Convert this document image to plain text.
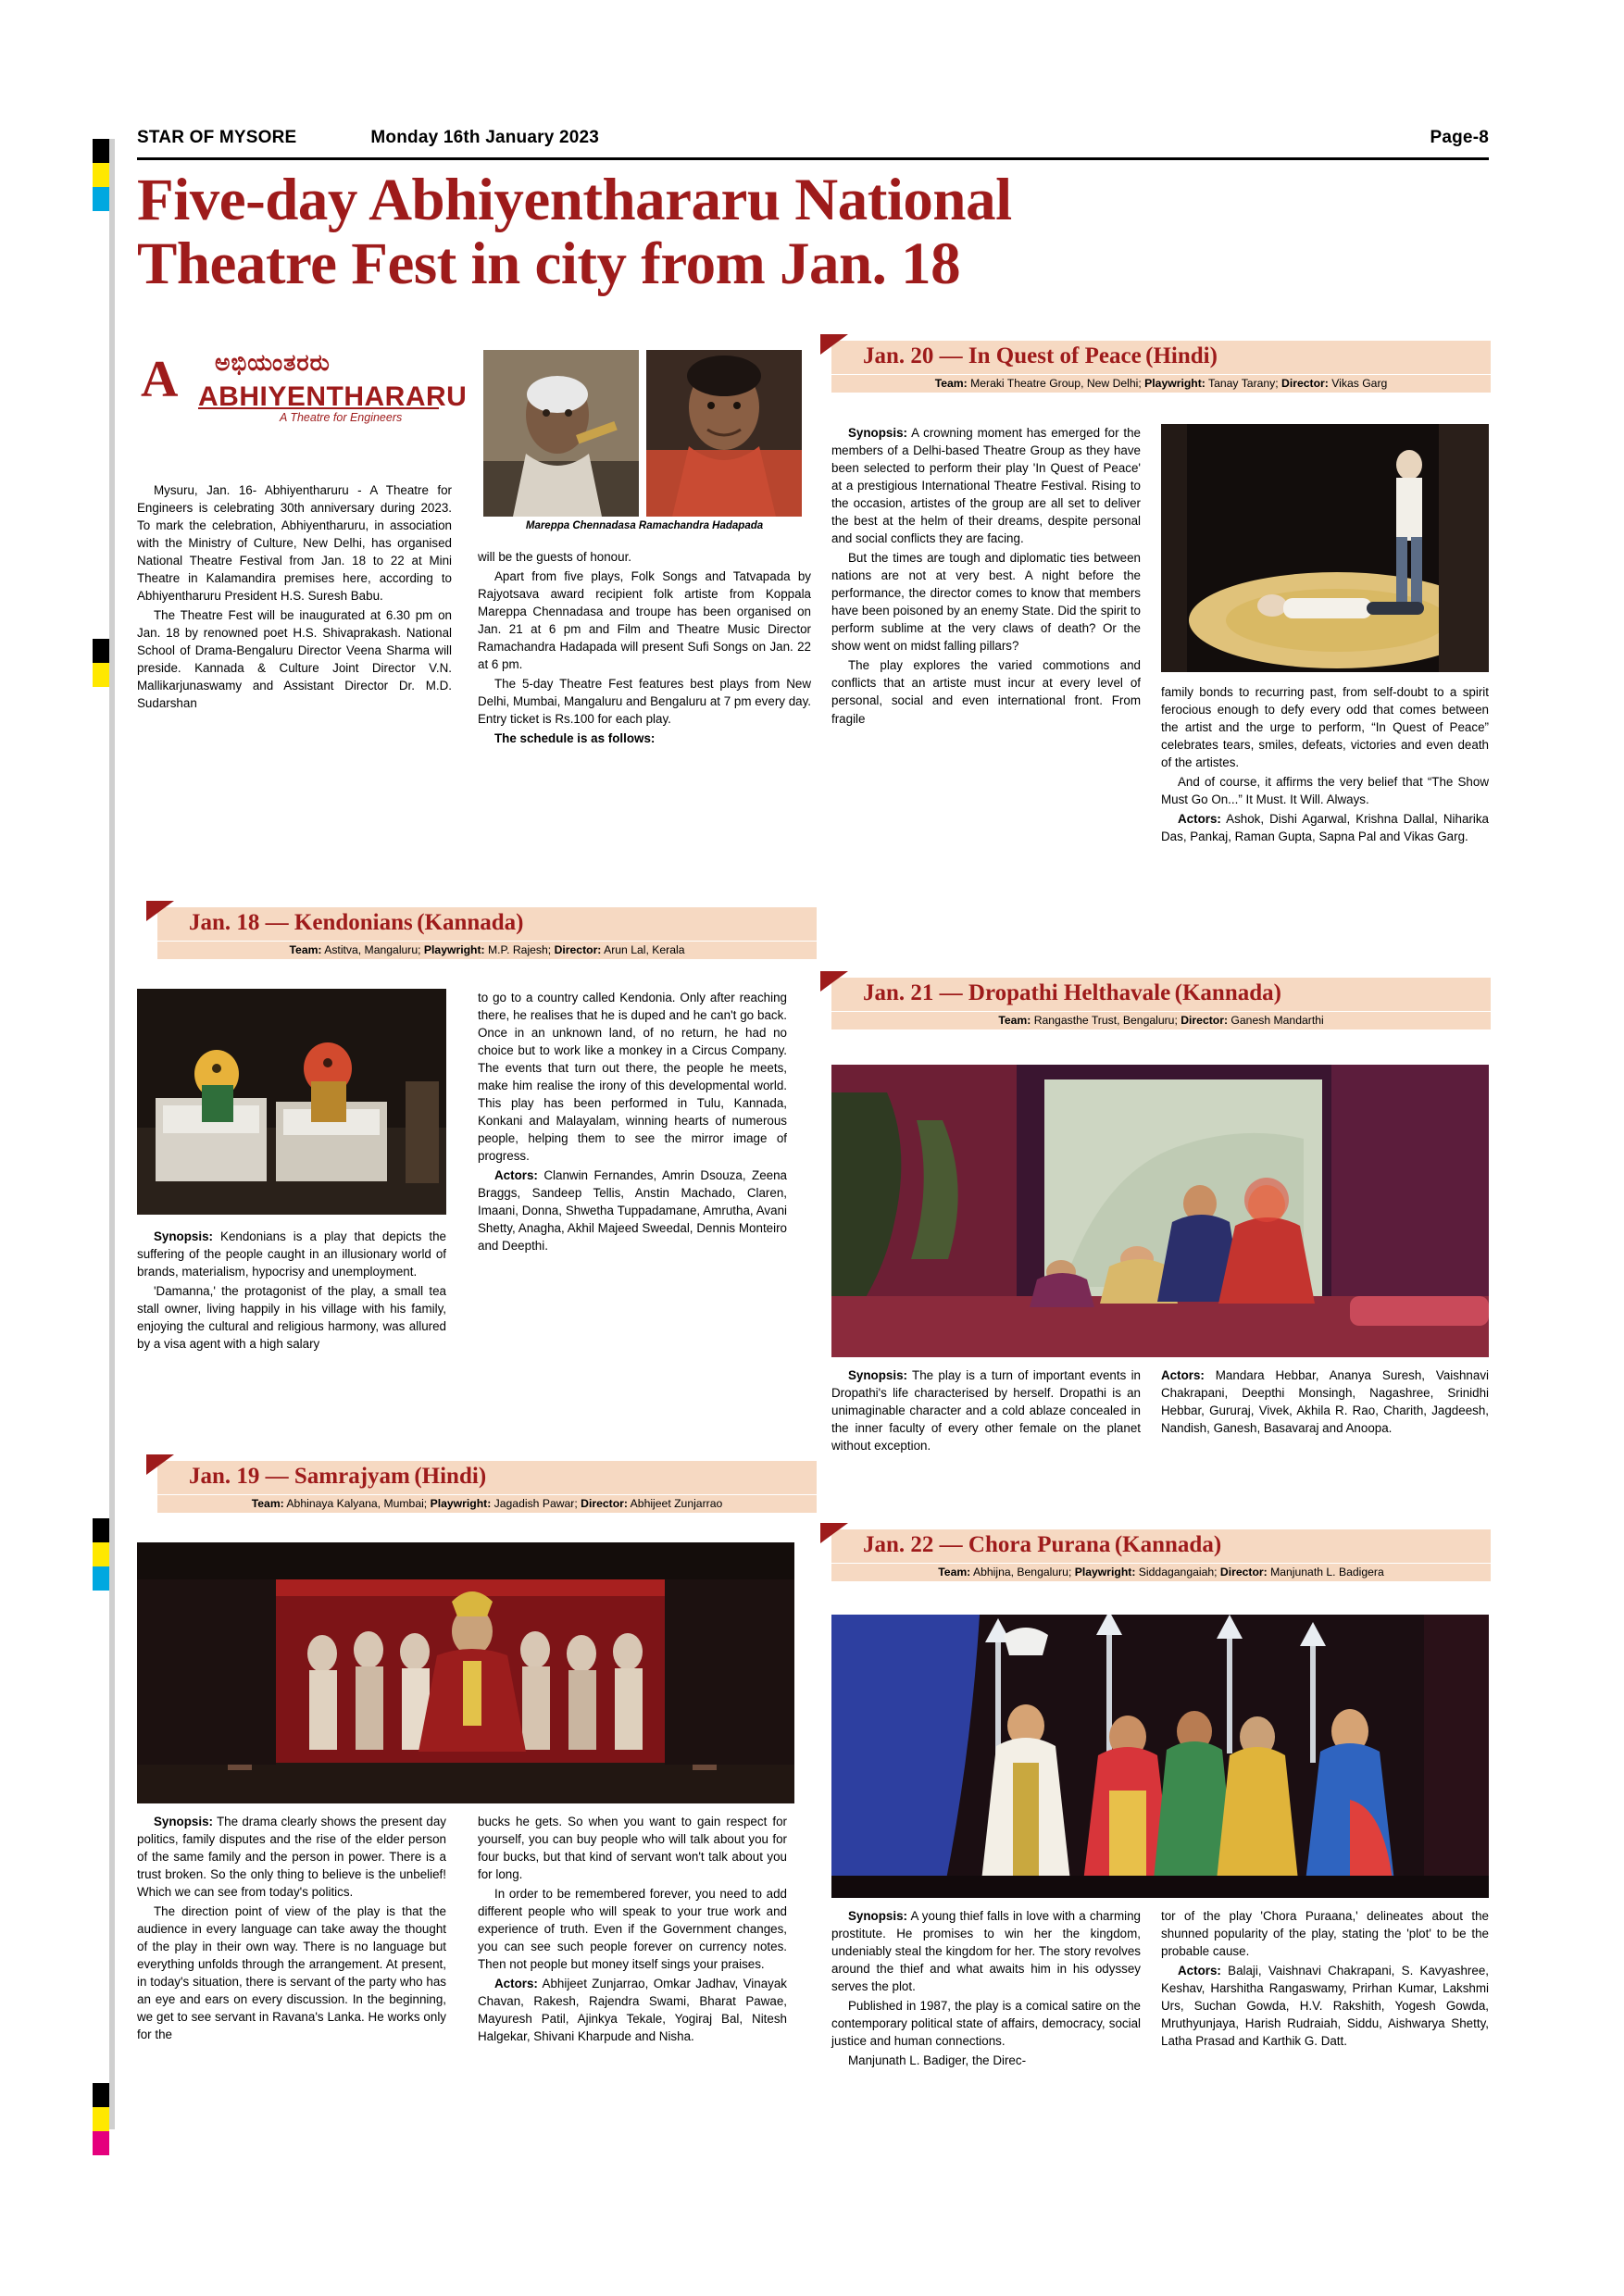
STAR OF MYSORE	Monday 16th January 2023	Page-8
Five-day Abhiyenthararu National
Theatre Fest in city from Jan. 18
A ಅಭಿಯಂತರರು
ABHIYENTHARARU
A Theatre for Engineers
Mareppa Chennadasa Ramachandra Hadapada

Mysuru, Jan. 16- Abhiyentharuru - A Theatre for Engineers is celebrating 30th anniversary during 2023. To mark the celebration, Abhiyentharuru, in association with the Ministry of Culture, New Delhi, has organised National Theatre Festival from Jan. 18 to 22 at Mini Theatre in Kalamandira premises here, according to Abhiyentharuru President H.S. Suresh Babu.

The Theatre Fest will be inaugurated at 6.30 pm on Jan. 18 by renowned poet H.S. Shivaprakash. National School of Drama-Bengaluru Director Veena Sharma will preside. Kannada & Culture Joint Director V.N. Mallikarjunaswamy and Assistant Director Dr. M.D. Sudarshan

will be the guests of honour.

Apart from five plays, Folk Songs and Tatvapada by Rajyotsava award recipient folk artiste from Koppala Mareppa Chennadasa and troupe has been organised on Jan. 21 at 6 pm and Film and Theatre Music Director Ramachandra Hadapada will present Sufi Songs on Jan. 22 at 6 pm.

The 5-day Theatre Fest features best plays from New Delhi, Mumbai, Mangaluru and Bengaluru at 7 pm every day. Entry ticket is Rs.100 for each play.

The schedule is as follows:

Jan. 18 — Kendonians (Kannada)
Team: Astitva, Mangaluru; Playwright: M.P. Rajesh; Director: Arun Lal, Kerala

Synopsis: Kendonians is a play that depicts the suffering of the people caught in an illusionary world of brands, materialism, hypocrisy and unemployment.

'Damanna,' the protagonist of the play, a small tea stall owner, living happily in his village with his family, enjoying the cultural and religious harmony, was allured by a visa agent with a high salary

to go to a country called Kendonia. Only after reaching there, he realises that he is duped and he can't go back. Once in an unknown land, of no return, he had no choice but to work like a monkey in a Circus Company. The events that turn out there, the people he meets, make him realise the irony of this developmental world. This play has been performed in Tulu, Kannada, Konkani and Malayalam, winning hearts of numerous people, helping them to see the mirror image of progress.

Actors: Clanwin Fernandes, Amrin Dsouza, Zeena Braggs, Sandeep Tellis, Anstin Machado, Claren, Imaani, Donna, Shwetha Tuppadamane, Amrutha, Avani Shetty, Anagha, Akhil Majeed Sweedal, Dennis Monteiro and Deepthi.

Jan. 19 — Samrajyam (Hindi)
Team: Abhinaya Kalyana, Mumbai; Playwright: Jagadish Pawar; Director: Abhijeet Zunjarrao

Synopsis: The drama clearly shows the present day politics, family disputes and the rise of the elder person of the same family and the person in power. There is a trust broken. So the only thing to believe is the unbelief! Which we can see from today's politics.

The direction point of view of the play is that the audience in every language can take away the thought of the play in their own way. There is no language but everything unfolds through the arrangement. At present, in today's situation, there is servant of the party who has an eye and ears on every discussion. In the beginning, we get to see servant in Ravana's Lanka. He works only for the

bucks he gets. So when you want to gain respect for yourself, you can buy people who will talk about you for four bucks, but that kind of servant won't talk about you for long.

In order to be remembered forever, you need to add different people who will speak to your true work and experience of truth. Even if the Government changes, you can see such people forever on currency notes. Then not people but money itself sings your praises.

Actors: Abhijeet Zunjarrao, Omkar Jadhav, Vinayak Chavan, Rakesh, Rajendra Swami, Bharat Pawae, Mayuresh Patil, Ajinkya Tekale, Yogiraj Bal, Nitesh Halgekar, Shivani Kharpude and Nisha.

Jan. 20 — In Quest of Peace (Hindi)
Team: Meraki Theatre Group, New Delhi; Playwright: Tanay Tarany; Director: Vikas Garg

Synopsis: A crowning moment has emerged for the members of a Delhi-based Theatre Group as they have been selected to perform their play 'In Quest of Peace' at a prestigious International Theatre Festival. Rising to the occasion, artistes of the group are all set to deliver the best at the helm of their dreams, despite personal and social conflicts they are facing.

But the times are tough and diplomatic ties between nations are not at very best. A night before the performance, the director comes to know that members have been poisoned by an enemy State. Did the spirit to perform sublime at the very claws of death? Or the show went on midst falling pillars?

The play explores the varied commotions and conflicts that an artiste must incur at every level of personal, social and even international front. From fragile

family bonds to recurring past, from self-doubt to a spirit ferocious enough to defy every odd that comes between the artist and the urge to perform, “In Quest of Peace” celebrates tears, smiles, defeats, victories and even death of the artistes.

And of course, it affirms the very belief that “The Show Must Go On...” It Must. It Will. Always.

Actors: Ashok, Dishi Agarwal, Krishna Dallal, Niharika Das, Pankaj, Raman Gupta, Sapna Pal and Vikas Garg.

Jan. 21 — Dropathi Helthavale (Kannada)
Team: Rangasthe Trust, Bengaluru; Director: Ganesh Mandarthi

Synopsis: The play is a turn of important events in Dropathi's life characterised by herself. Dropathi is an unimaginable character and a cold ablaze concealed in the inner faculty of every other female on the planet without exception.

Actors: Mandara Hebbar, Ananya Suresh, Vaishnavi Chakrapani, Deepthi Monsingh, Nagashree, Srinidhi Hebbar, Gururaj, Vivek, Akhila R. Rao, Charith, Jagdeesh, Nandish, Ganesh, Basavaraj and Anoopa.

Jan. 22 — Chora Purana (Kannada)
Team: Abhijna, Bengaluru; Playwright: Siddagangaiah; Director: Manjunath L. Badigera

Synopsis: A young thief falls in love with a charming prostitute. He promises to win her the kingdom, undeniably steal the kingdom for her. The story revolves around the thief and what awaits him in his odyssey serves the plot.

Published in 1987, the play is a comical satire on the contemporary political state of affairs, democracy, social justice and human connections.

Manjunath L. Badiger, the Direc-

tor of the play 'Chora Puraana,' delineates about the shunned popularity of the play, stating the 'plot' to be the probable cause.

Actors: Balaji, Vaishnavi Chakrapani, S. Kavyashree, Keshav, Harshitha Rangaswamy, Prirhan Kumar, Lakshmi Urs, Suchan Gowda, H.V. Rakshith, Yogesh Gowda, Mruthyunjaya, Harish Rudraiah, Siddu, Aishwarya Shetty, Latha Prasad and Karthik G. Datt.
